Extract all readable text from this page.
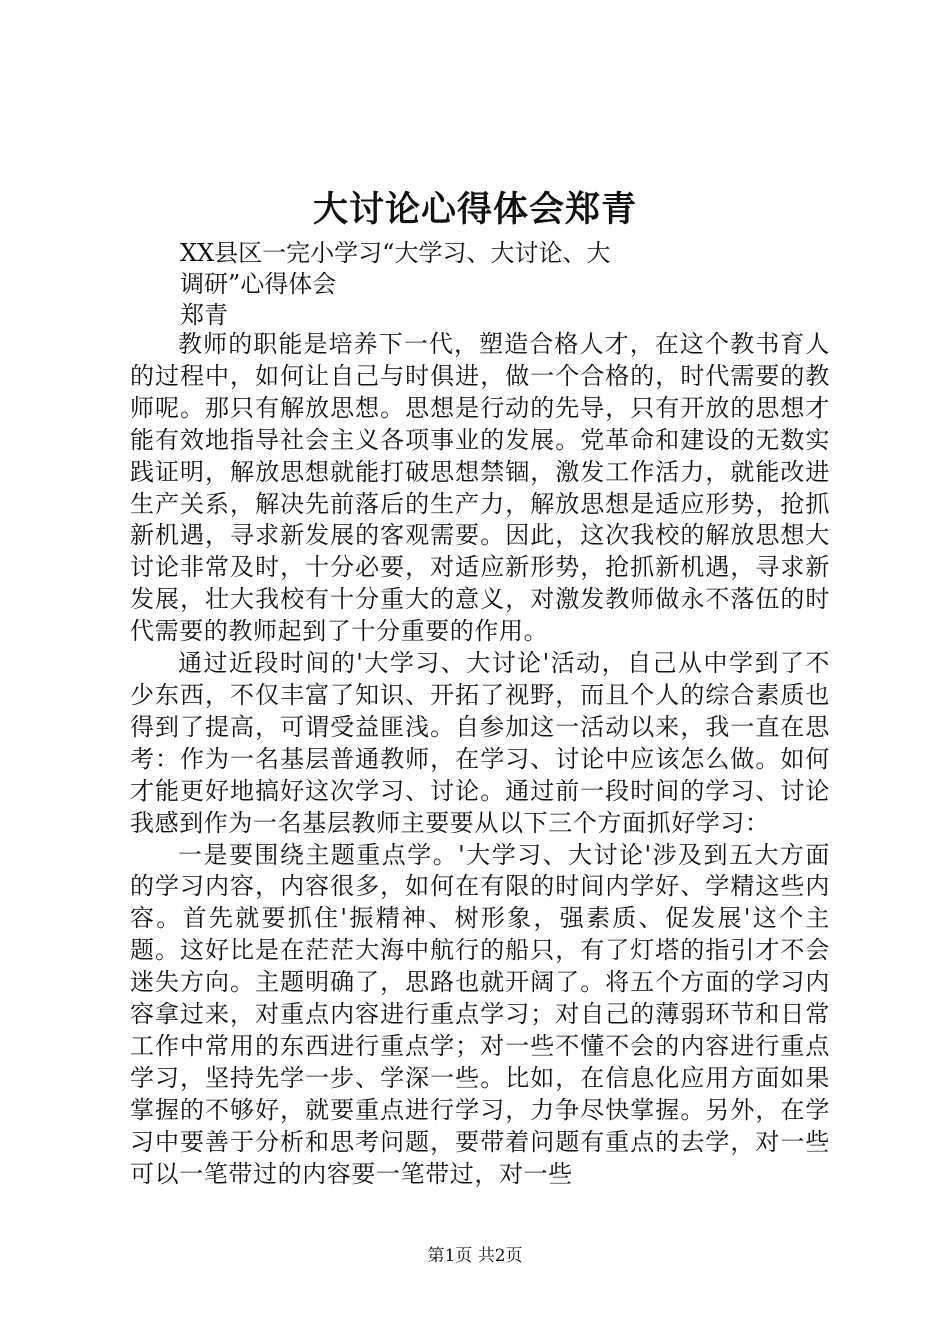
大讨论心得体会郑青
XX县区一完小学习“大学习、大讨论、大
调研”心得体会
郑青

教师的职能是培养下一代，塑造合格人才，在这个教书育人的过程中，如何让自己与时俱进，做一个合格的，时代需要的教师呢。那只有解放思想。思想是行动的先导，只有开放的思想才能有效地指导社会主义各项事业的发展。党革命和建设的无数实践证明，解放思想就能打破思想禁锢，激发工作活力，就能改进生产关系，解决先前落后的生产力，解放思想是适应形势，抢抓新机遇，寻求新发展的客观需要。因此，这次我校的解放思想大讨论非常及时，十分必要，对适应新形势，抢抓新机遇，寻求新发展，壮大我校有十分重大的意义，对激发教师做永不落伍的时代需要的教师起到了十分重要的作用。

通过近段时间的'大学习、大讨论'活动，自己从中学到了不少东西，不仅丰富了知识、开拓了视野，而且个人的综合素质也得到了提高，可谓受益匪浅。自参加这一活动以来，我一直在思考：作为一名基层普通教师，在学习、讨论中应该怎么做。如何才能更好地搞好这次学习、讨论。通过前一段时间的学习、讨论我感到作为一名基层教师主要要从以下三个方面抓好学习：

一是要围绕主题重点学。'大学习、大讨论'涉及到五大方面的学习内容，内容很多，如何在有限的时间内学好、学精这些内容。首先就要抓住'振精神、树形象，强素质、促发展'这个主题。这好比是在茫茫大海中航行的船只，有了灯塔的指引才不会迷失方向。主题明确了，思路也就开阔了。将五个方面的学习内容拿过来，对重点内容进行重点学习；对自己的薄弱环节和日常工作中常用的东西进行重点学；对一些不懂不会的内容进行重点学习，坚持先学一步、学深一些。比如，在信息化应用方面如果掌握的不够好，就要重点进行学习，力争尽快掌握。另外，在学习中要善于分析和思考问题，要带着问题有重点的去学，对一些可以一笔带过的内容要一笔带过，对一些

第1页 共2页
